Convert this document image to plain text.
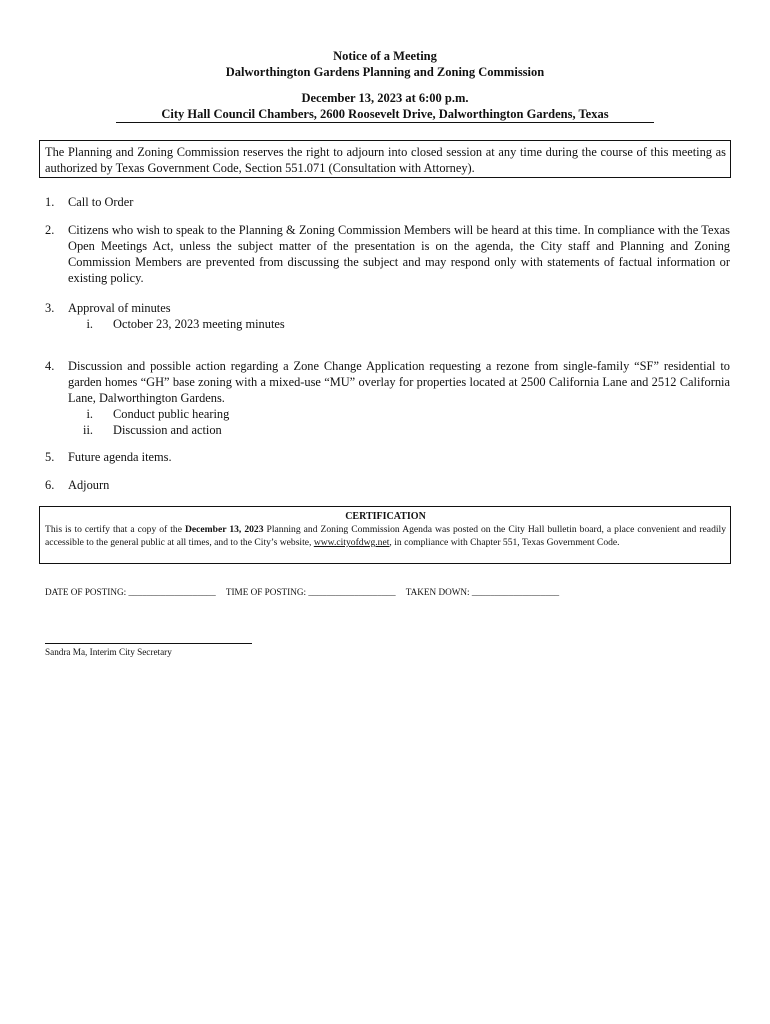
Notice of a Meeting
Dalworthington Gardens Planning and Zoning Commission
December 13, 2023 at 6:00 p.m.
City Hall Council Chambers, 2600 Roosevelt Drive, Dalworthington Gardens, Texas
The Planning and Zoning Commission reserves the right to adjourn into closed session at any time during the course of this meeting as authorized by Texas Government Code, Section 551.071 (Consultation with Attorney).
1. Call to Order
2. Citizens who wish to speak to the Planning & Zoning Commission Members will be heard at this time. In compliance with the Texas Open Meetings Act, unless the subject matter of the presentation is on the agenda, the City staff and Planning and Zoning Commission Members are prevented from discussing the subject and may respond only with statements of factual information or existing policy.
3. Approval of minutes
i. October 23, 2023 meeting minutes
4. Discussion and possible action regarding a Zone Change Application requesting a rezone from single-family “SF” residential to garden homes “GH” base zoning with a mixed-use “MU” overlay for properties located at 2500 California Lane and 2512 California Lane, Dalworthington Gardens.
i. Conduct public hearing
ii. Discussion and action
5. Future agenda items.
6. Adjourn
CERTIFICATION
This is to certify that a copy of the December 13, 2023 Planning and Zoning Commission Agenda was posted on the City Hall bulletin board, a place convenient and readily accessible to the general public at all times, and to the City’s website, www.cityofdwg.net, in compliance with Chapter 551, Texas Government Code.
DATE OF POSTING: ___________________ TIME OF POSTING: ___________________ TAKEN DOWN: ___________________
Sandra Ma, Interim City Secretary
